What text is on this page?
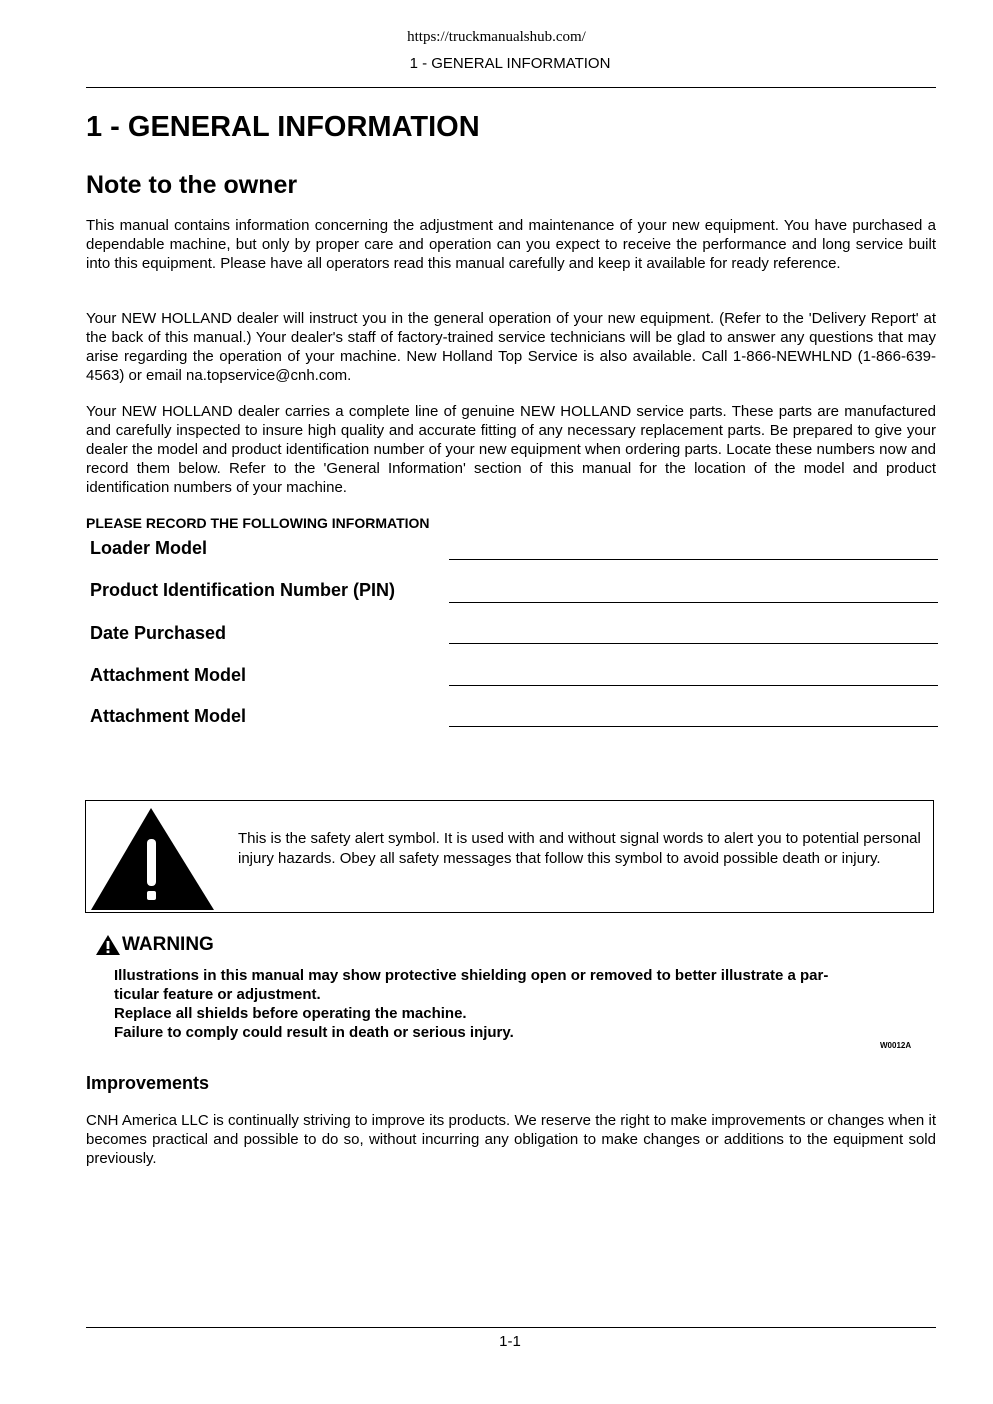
https://truckmanualshub.com/
1 - GENERAL INFORMATION
1 - GENERAL INFORMATION
Note to the owner

This manual contains information concerning the adjustment and maintenance of your new equipment. You have purchased a dependable machine, but only by proper care and operation can you expect to receive the performance and long service built into this equipment. Please have all operators read this manual carefully and keep it available for ready reference.

Your NEW HOLLAND dealer will instruct you in the general operation of your new equipment. (Refer to the 'Delivery Report' at the back of this manual.) Your dealer's staff of factory-trained service technicians will be glad to answer any questions that may arise regarding the operation of your machine. New Holland Top Service is also available. Call 1-866-NEWHLND (1-866-639-4563) or email na.topservice@cnh.com.

Your NEW HOLLAND dealer carries a complete line of genuine NEW HOLLAND service parts. These parts are manufactured and carefully inspected to insure high quality and accurate fitting of any necessary replacement parts. Be prepared to give your dealer the model and product identification number of your new equipment when ordering parts. Locate these numbers now and record them below. Refer to the 'General Information' section of this manual for the location of the model and product identification numbers of your machine.

PLEASE RECORD THE FOLLOWING INFORMATION
Loader Model
Product Identification Number (PIN)
Date Purchased
Attachment Model
Attachment Model

This is the safety alert symbol. It is used with and without signal words to alert you to potential personal injury hazards. Obey all safety messages that follow this symbol to avoid possible death or injury.

WARNING
Illustrations in this manual may show protective shielding open or removed to better illustrate a par-
ticular feature or adjustment.
Replace all shields before operating the machine.
Failure to comply could result in death or serious injury.
W0012A
Improvements

CNH America LLC is continually striving to improve its products. We reserve the right to make improvements or changes when it becomes practical and possible to do so, without incurring any obligation to make changes or additions to the equipment sold previously.

1-1
